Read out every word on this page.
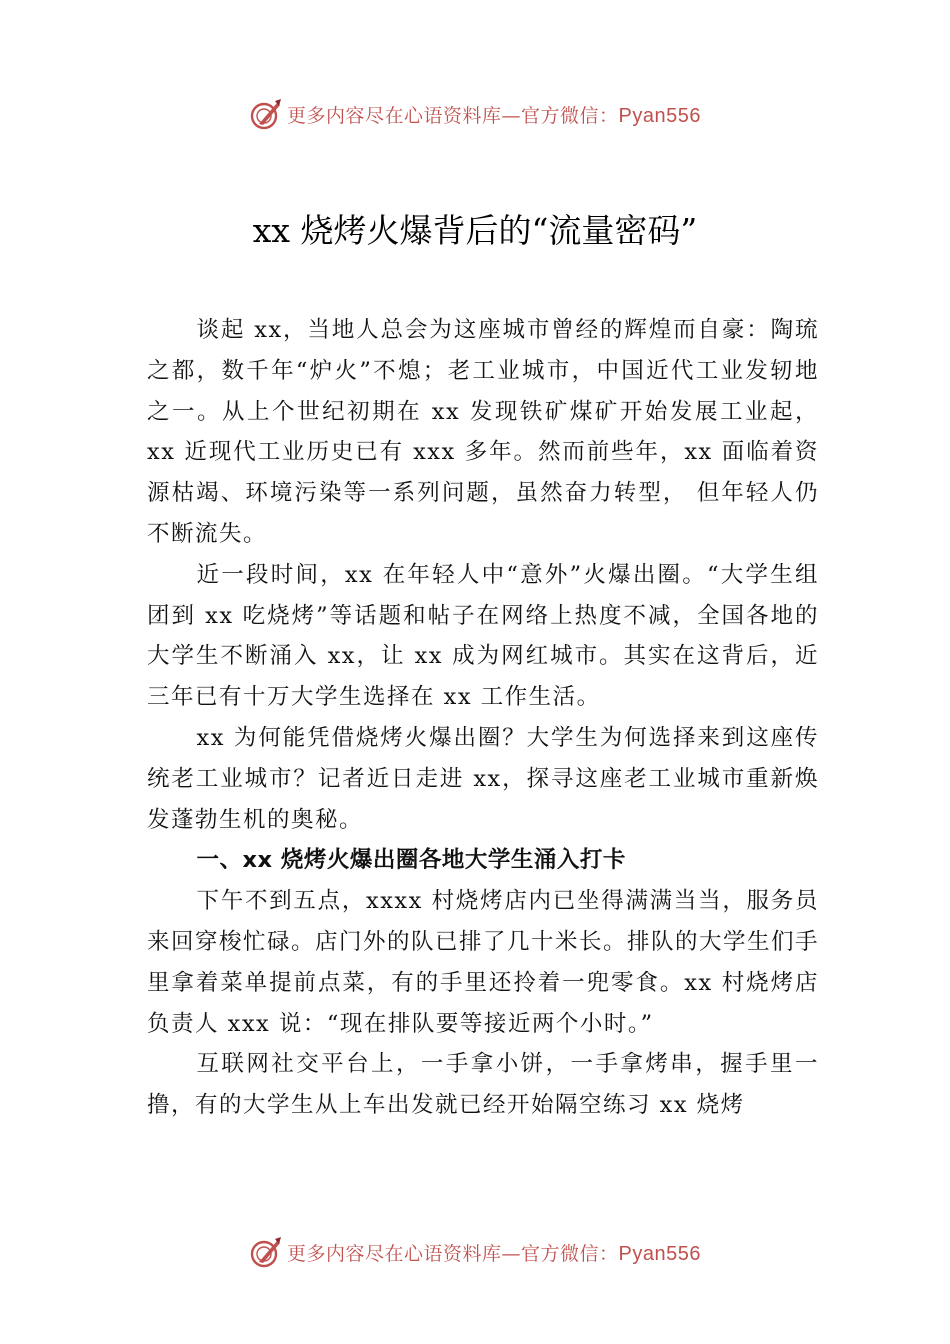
更多内容尽在心语资料库—官方微信：Pyan556
xx 烧烤火爆背后的“流量密码”

谈起 xx，当地人总会为这座城市曾经的辉煌而自豪：陶琉之都，数千年“炉火”不熄；老工业城市，中国近代工业发轫地之一。从上个世纪初期在 xx 发现铁矿煤矿开始发展工业起，xx 近现代工业历史已有 xxx 多年。然而前些年，xx 面临着资源枯竭、环境污染等一系列问题，虽然奋力转型， 但年轻人仍不断流失。

近一段时间，xx 在年轻人中“意外”火爆出圈。“大学生组团到 xx 吃烧烤”等话题和帖子在网络上热度不减，全国各地的大学生不断涌入 xx，让 xx 成为网红城市。其实在这背后，近三年已有十万大学生选择在 xx 工作生活。

xx 为何能凭借烧烤火爆出圈？大学生为何选择来到这座传统老工业城市？记者近日走进 xx，探寻这座老工业城市重新焕发蓬勃生机的奥秘。

一、xx 烧烤火爆出圈各地大学生涌入打卡

下午不到五点，xxxx 村烧烤店内已坐得满满当当，服务员来回穿梭忙碌。店门外的队已排了几十米长。排队的大学生们手里拿着菜单提前点菜，有的手里还拎着一兜零食。xx 村烧烤店负责人 xxx 说：“现在排队要等接近两个小时。”

互联网社交平台上，一手拿小饼，一手拿烤串，握手里一撸，有的大学生从上车出发就已经开始隔空练习 xx 烧烤

更多内容尽在心语资料库—官方微信：Pyan556
